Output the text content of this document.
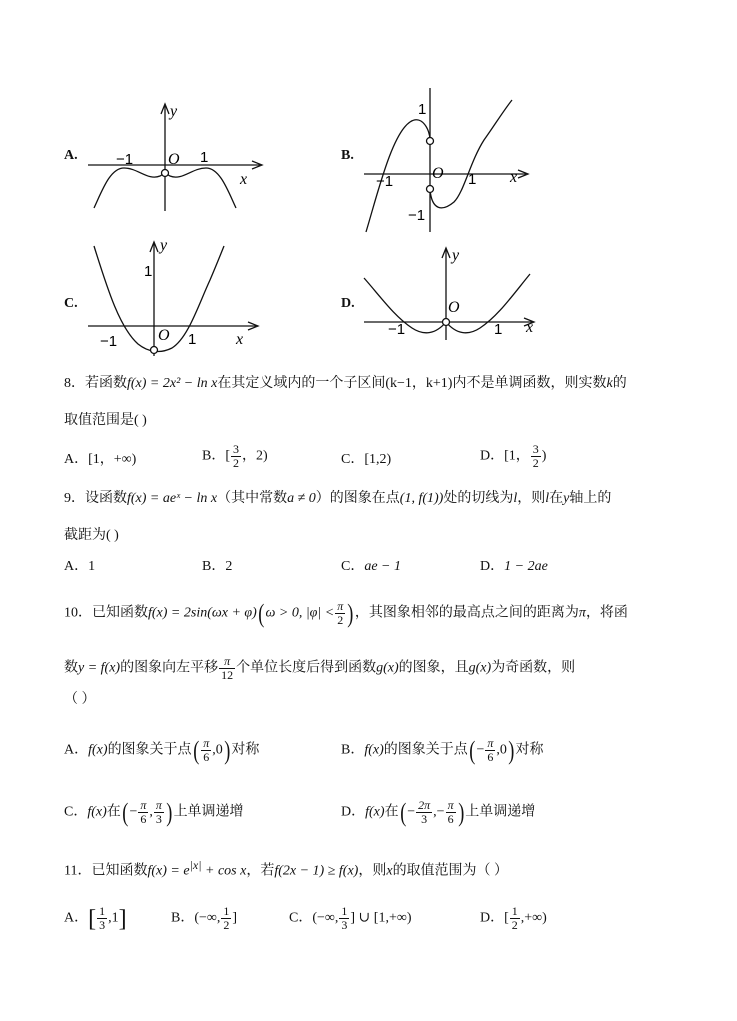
A.
y
x
O
−1	1	B.
1
−1
−1	1
O	x
C.
y
1
−1	1
O	x
D.
y
O
−1	1 x
8．若函数f(x) = 2x² − ln x在其定义域内的一个子区间(k−1，k+1)内不是单调函数，则实数k的
取值范围是( )
A．[1，+∞)	B．[ $\frac{3}{2}$ ，2)	C．[1,2)	D．[1， $\frac{3}{2}$ )
9．设函数f(x) = aeˣ − ln x（其中常数a ≠ 0）的图象在点(1, f(1))处的切线为l，则l在y轴上的
截距为( )
A．1	B．2	C．ae − 1	D．1 − 2ae
10．已知函数f(x) = 2sin(ωx + φ)(ω > 0, $|\varphi| < \frac{\pi}{2}$ )，其图象相邻的最高点之间的距离为π，将函
数y = f(x)的图象向左平移 $\frac{\pi}{12}$ 个单位长度后得到函数g(x)的图象，且g(x)为奇函数，则
（ ）
A．f(x)的图象关于点( $\frac{\pi}{6} ,0$)对称	B．f(x)的图象关于点(− $\frac{\pi}{6} ,0$)对称
C．f(x)在(− $\frac{\pi}{6}$ , $\frac{\pi}{3}$ )上单调递增	D．f(x)在(− $\frac{2\pi}{3}$ ,− $\frac{\pi}{6}$ )上单调递增
11．已知函数$f(x) = e^{|x|} + \cos x$，若f(2x − 1) ≥ f(x)，则x的取值范围为（ ）
A．[ $\frac{1}{3} ,1$]	B．(−∞, $\frac{1}{2}$ ]	C．(−∞, $\frac{1}{3}$ ] ∪ [1,+∞)	D．[ $\frac{1}{2}$ ,+∞)
